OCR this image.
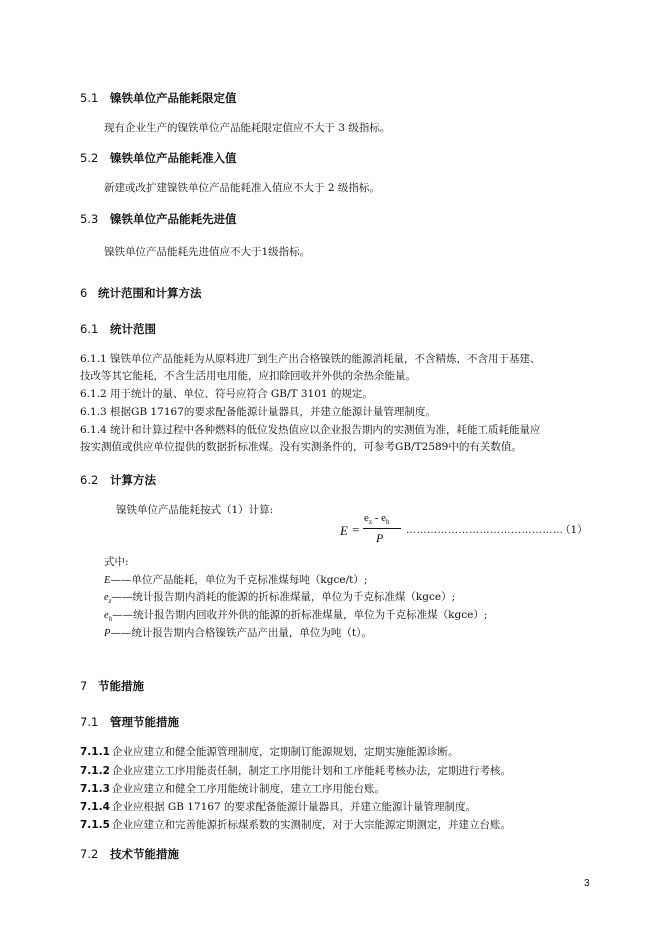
5.1 镍铁单位产品能耗限定值
现有企业生产的镍铁单位产品能耗限定值应不大于 3 级指标。
5.2 镍铁单位产品能耗准入值
新建或改扩建镍铁单位产品能耗准入值应不大于 2 级指标。
5.3 镍铁单位产品能耗先进值
镍铁单位产品能耗先进值应不大于1级指标。
6 统计范围和计算方法
6.1 统计范围
6.1.1 镍铁单位产品能耗为从原料进厂到生产出合格镍铁的能源消耗量，不含精炼，不含用于基建、
技改等其它能耗，不含生活用电用能，应扣除回收并外供的余热余能量。
6.1.2 用于统计的量、单位、符号应符合 GB/T 3101 的规定。
6.1.3 根据GB 17167的要求配备能源计量器具，并建立能源计量管理制度。
6.1.4 统计和计算过程中各种燃料的低位发热值应以企业报告期内的实测值为准，耗能工质耗能量应
按实测值或供应单位提供的数据折标准煤。没有实测条件的，可参考GB/T2589中的有关数值。
6.2 计算方法
镍铁单位产品能耗按式（1）计算:
E =
$e_z - e_h$
P
………………………………………
（1）
式中:
E——单位产品能耗，单位为千克标准煤每吨（kgce/t）;
$e_z——$统计报告期内消耗的能源的折标准煤量，单位为千克标准煤（kgce）;
$e_h——$统计报告期内回收并外供的能源的折标准煤量，单位为千克标准煤（kgce）;
P——统计报告期内合格镍铁产品产出量，单位为吨（t）。
7 节能措施
7.1 管理节能措施
7.1.1 企业应建立和健全能源管理制度，定期制订能源规划，定期实施能源诊断。
7.1.2 企业应建立工序用能责任制，制定工序用能计划和工序能耗考核办法，定期进行考核。
7.1.3 企业应建立和健全工序用能统计制度，建立工序用能台账。
7.1.4 企业应根据 GB 17167 的要求配备能源计量器具，并建立能源计量管理制度。
7.1.5 企业应建立和完善能源折标煤系数的实测制度，对于大宗能源定期测定，并建立台账。
7.2 技术节能措施
3
